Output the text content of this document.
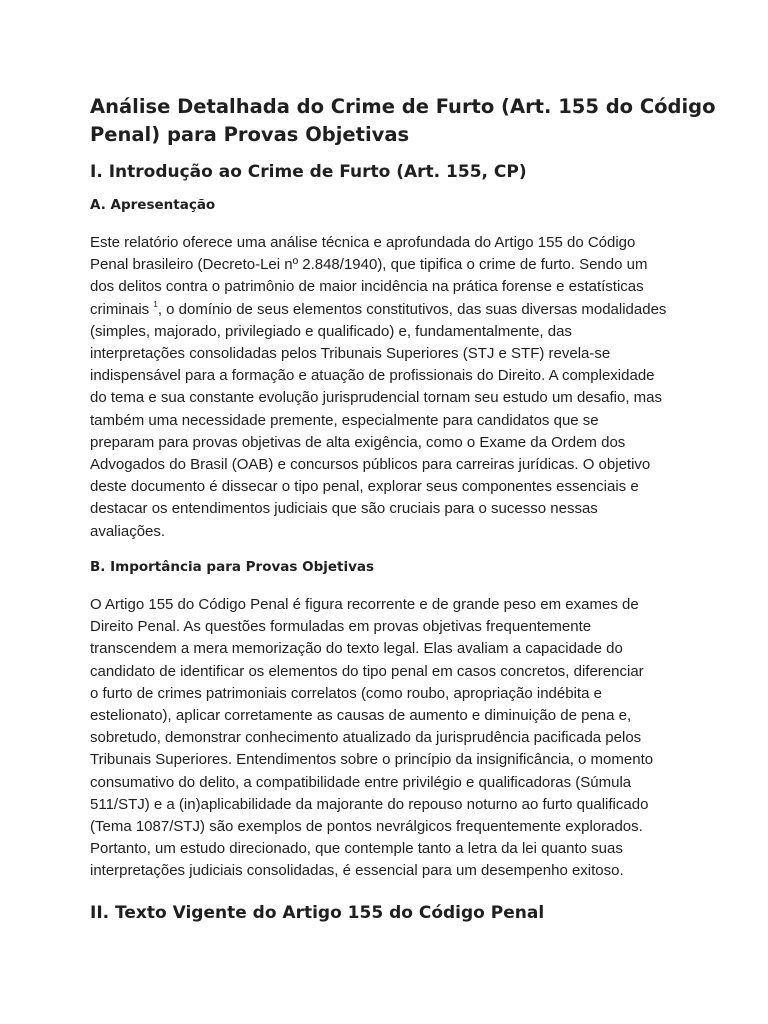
Análise Detalhada do Crime de Furto (Art. 155 do Código
Penal) para Provas Objetivas
I. Introdução ao Crime de Furto (Art. 155, CP)
A. Apresentação
Este relatório oferece uma análise técnica e aprofundada do Artigo 155 do Código
Penal brasileiro (Decreto-Lei nº 2.848/1940), que tipifica o crime de furto. Sendo um
dos delitos contra o patrimônio de maior incidência na prática forense e estatísticas
criminais $^1$, o domínio de seus elementos constitutivos, das suas diversas modalidades
(simples, majorado, privilegiado e qualificado) e, fundamentalmente, das
interpretações consolidadas pelos Tribunais Superiores (STJ e STF) revela-se
indispensável para a formação e atuação de profissionais do Direito. A complexidade
do tema e sua constante evolução jurisprudencial tornam seu estudo um desafio, mas
também uma necessidade premente, especialmente para candidatos que se
preparam para provas objetivas de alta exigência, como o Exame da Ordem dos
Advogados do Brasil (OAB) e concursos públicos para carreiras jurídicas. O objetivo
deste documento é dissecar o tipo penal, explorar seus componentes essenciais e
destacar os entendimentos judiciais que são cruciais para o sucesso nessas
avaliações.
B. Importância para Provas Objetivas
O Artigo 155 do Código Penal é figura recorrente e de grande peso em exames de
Direito Penal. As questões formuladas em provas objetivas frequentemente
transcendem a mera memorização do texto legal. Elas avaliam a capacidade do
candidato de identificar os elementos do tipo penal em casos concretos, diferenciar
o furto de crimes patrimoniais correlatos (como roubo, apropriação indébita e
estelionato), aplicar corretamente as causas de aumento e diminuição de pena e,
sobretudo, demonstrar conhecimento atualizado da jurisprudência pacificada pelos
Tribunais Superiores. Entendimentos sobre o princípio da insignificância, o momento
consumativo do delito, a compatibilidade entre privilégio e qualificadoras (Súmula
511/STJ) e a (in)aplicabilidade da majorante do repouso noturno ao furto qualificado
(Tema 1087/STJ) são exemplos de pontos nevrálgicos frequentemente explorados.
Portanto, um estudo direcionado, que contemple tanto a letra da lei quanto suas
interpretações judiciais consolidadas, é essencial para um desempenho exitoso.
II. Texto Vigente do Artigo 155 do Código Penal
